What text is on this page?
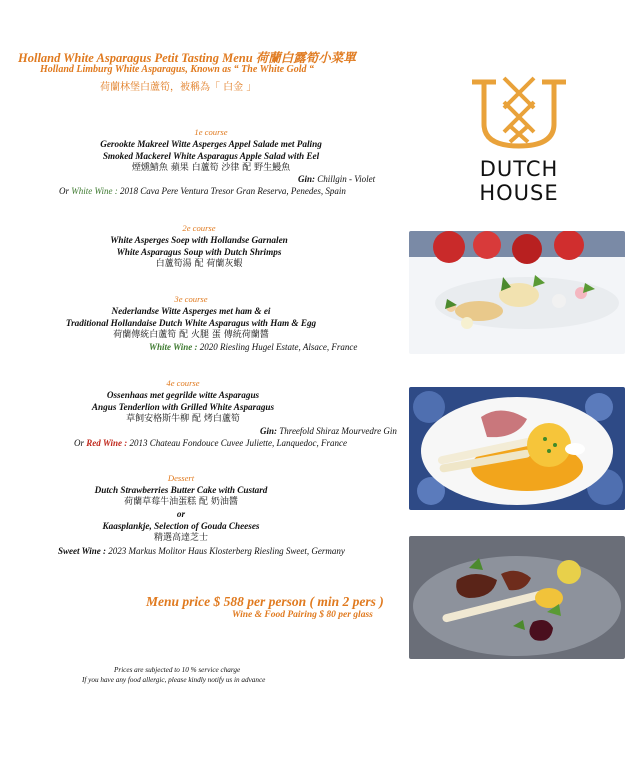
Holland White Asparagus Petit Tasting Menu 荷蘭白露筍小菜單
Holland Limburg White Asparagus, Known as “ The White Gold “
荷蘭林堡白蘆筍，被稱為「 白金 」
DUTCH
HOUSE
1e course
Gerookte Makreel Witte Asperges Appel Salade met Paling
Smoked Mackerel White Asparagus Apple Salad with Eel
煙燻鯖魚 蘋果 白蘆筍 沙律 配 野生鰻魚
Gin: Chillgin - Violet
Or White Wine : 2018 Cava Pere Ventura Tresor Gran Reserva, Penedes, Spain
2e course
White Asperges Soep with Hollandse Garnalen
White Asparagus Soup with Dutch Shrimps
白蘆筍湯 配 荷蘭灰蝦
3e course
Nederlandse Witte Asperges met ham & ei
Traditional Hollandaise Dutch White Asparagus with Ham & Egg
荷蘭傳統白蘆筍 配 火腿 蛋 傳統荷蘭醬
White Wine : 2020 Riesling Hugel Estate, Alsace, France
4e course
Ossenhaas met gegrilde witte Asparagus
Angus Tenderlion with Grilled White Asparagus
草飼安格斯牛柳 配 烤白蘆筍
Gin: Threefold Shiraz Mourvedre Gin
Or Red Wine : 2013 Chateau Fondouce Cuvee Juliette, Lanquedoc, France
Dessert
Dutch Strawberries Butter Cake with Custard
荷蘭草莓牛油蛋糕 配 奶油醬
or
Kaasplankje, Selection of Gouda Cheeses
精選高達芝士
Sweet Wine : 2023 Markus Molitor Haus Klosterberg Riesling Sweet, Germany
Menu price $ 588 per person ( min 2 pers )
Wine & Food Pairing $ 80 per glass
Prices are subjected to 10 % service charge
If you have any food allergic, please kindly notify us in advance
